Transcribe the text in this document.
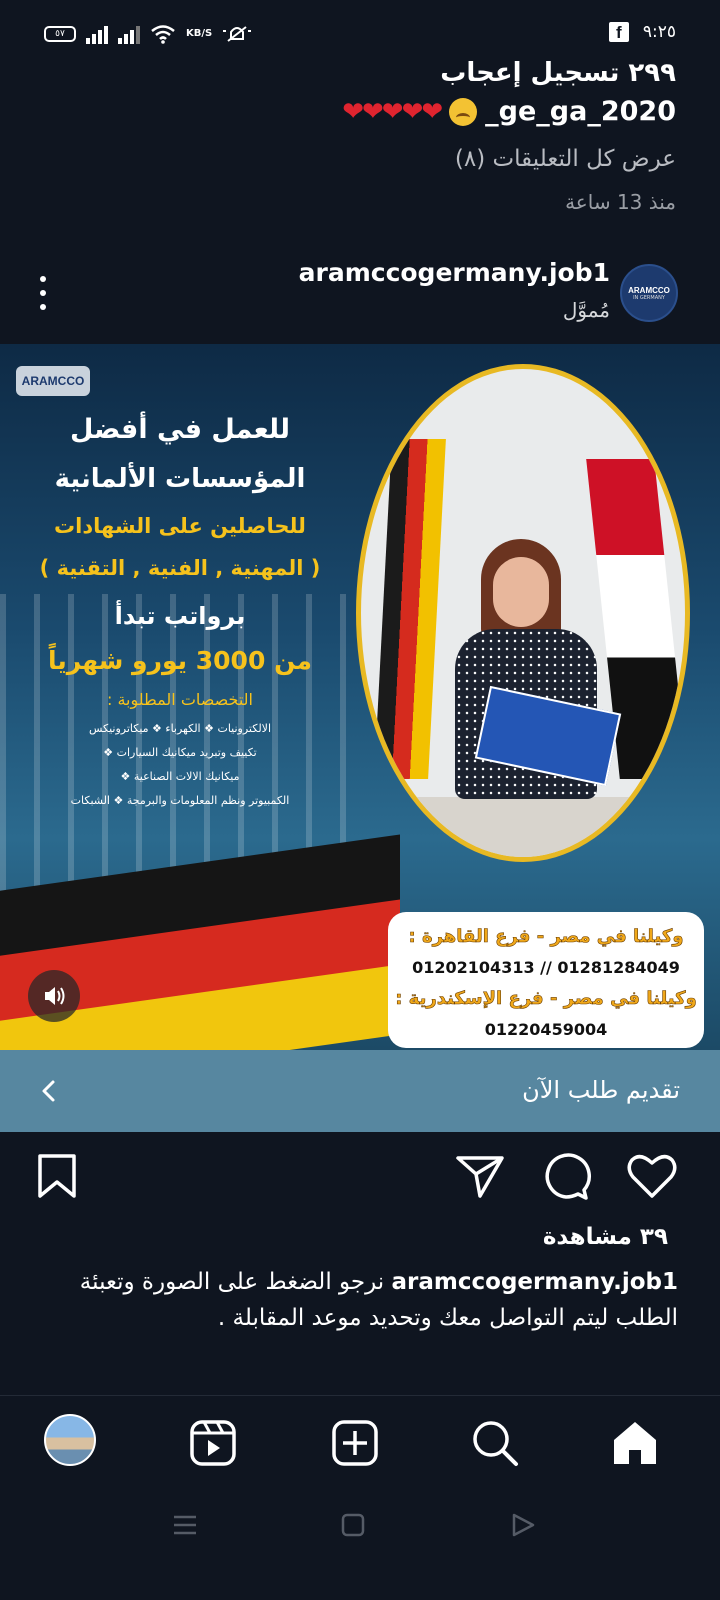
٥٧	KB/S	f	٩:٢٥
٢٩٩ تسجيل إعجاب
❤❤❤❤❤ _ge_ga_2020
عرض كل التعليقات (٨)
منذ 13 ساعة
ARAMCCO
IN GERMANY
aramccogermany.job1
مُموَّل
ARAMCCO
للعمل في أفضل
المؤسسات الألمانية
للحاصلين على الشهادات
( المهنية , الفنية , التقنية )
برواتب تبدأ
من 3000 يورو شهرياً
التخصصات المطلوبة :
الالكترونيات ❖ الكهرباء ❖ ميكاترونيكس
تكييف وتبريد ميكانيك السيارات ❖
ميكانيك الالات الصناعية ❖
الكمبيوتر ونظم المعلومات والبرمجة ❖ الشبكات
وكيلنا في مصر - فرع القاهرة :
01202104313 // 01281284049
وكيلنا في مصر - فرع الإسكندرية :
01220459004
تقديم طلب الآن
٣٩ مشاهدة
aramccogermany.job1 نرجو الضغط على الصورة وتعبئة الطلب ليتم التواصل معك وتحديد موعد المقابلة .
